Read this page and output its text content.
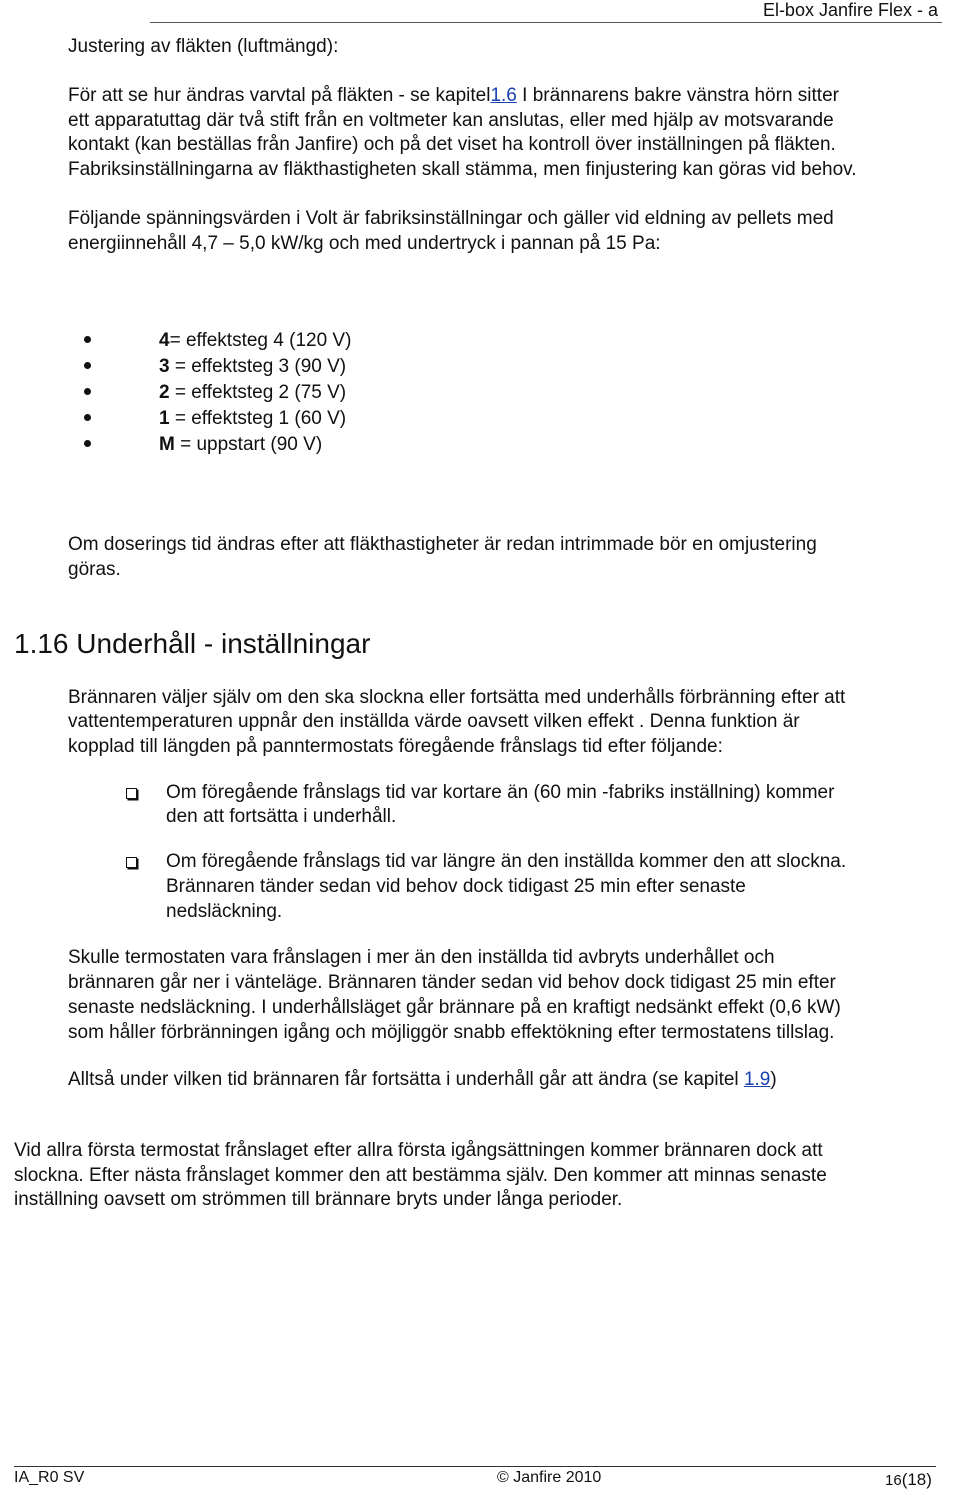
El-box Janfire Flex - a
Justering av fläkten (luftmängd):
För att se hur ändras varvtal på fläkten - se kapitel1.6 I brännarens bakre vänstra hörn sitter
ett apparatuttag där två stift från en voltmeter kan anslutas, eller med hjälp av motsvarande
kontakt (kan beställas från Janfire) och på det viset ha kontroll över inställningen på fläkten.
Fabriksinställningarna av fläkthastigheten skall stämma, men finjustering kan göras vid behov.
Följande spänningsvärden i Volt är fabriksinställningar och gäller vid eldning av pellets med
energiinnehåll 4,7 – 5,0 kW/kg och med undertryck i pannan på 15 Pa:
4= effektsteg 4 (120 V)
3 = effektsteg 3 (90 V)
2 = effektsteg 2 (75 V)
1 = effektsteg 1 (60 V)
M = uppstart (90 V)
Om doserings tid ändras efter att fläkthastigheter är redan intrimmade bör en omjustering
göras.
1.16 Underhåll - inställningar
Brännaren väljer själv om den ska slockna eller fortsätta med underhålls förbränning efter att
vattentemperaturen uppnår den inställda värde oavsett vilken effekt . Denna funktion är
kopplad till längden på panntermostats föregående frånslags tid efter följande:
Om föregående frånslags tid var kortare än (60 min -fabriks inställning) kommer
den att fortsätta i underhåll.
Om föregående frånslags tid var längre än den inställda kommer den att slockna.
Brännaren tänder sedan vid behov dock tidigast 25 min efter senaste
nedsläckning.
Skulle termostaten vara frånslagen i mer än den inställda tid avbryts underhållet och
brännaren går ner i vänteläge. Brännaren tänder sedan vid behov dock tidigast 25 min efter
senaste nedsläckning. I underhållsläget går brännare på en kraftigt nedsänkt effekt (0,6 kW)
som håller förbränningen igång och möjliggör snabb effektökning efter termostatens tillslag.
Alltså under vilken tid brännaren får fortsätta i underhåll går att ändra (se kapitel 1.9)
Vid allra första termostat frånslaget efter allra första igångsättningen kommer brännaren dock att
slockna. Efter nästa frånslaget kommer den att bestämma själv. Den kommer att minnas senaste
inställning oavsett om strömmen till brännare bryts under långa perioder.
IA_R0 SV	© Janfire 2010	16(18)
